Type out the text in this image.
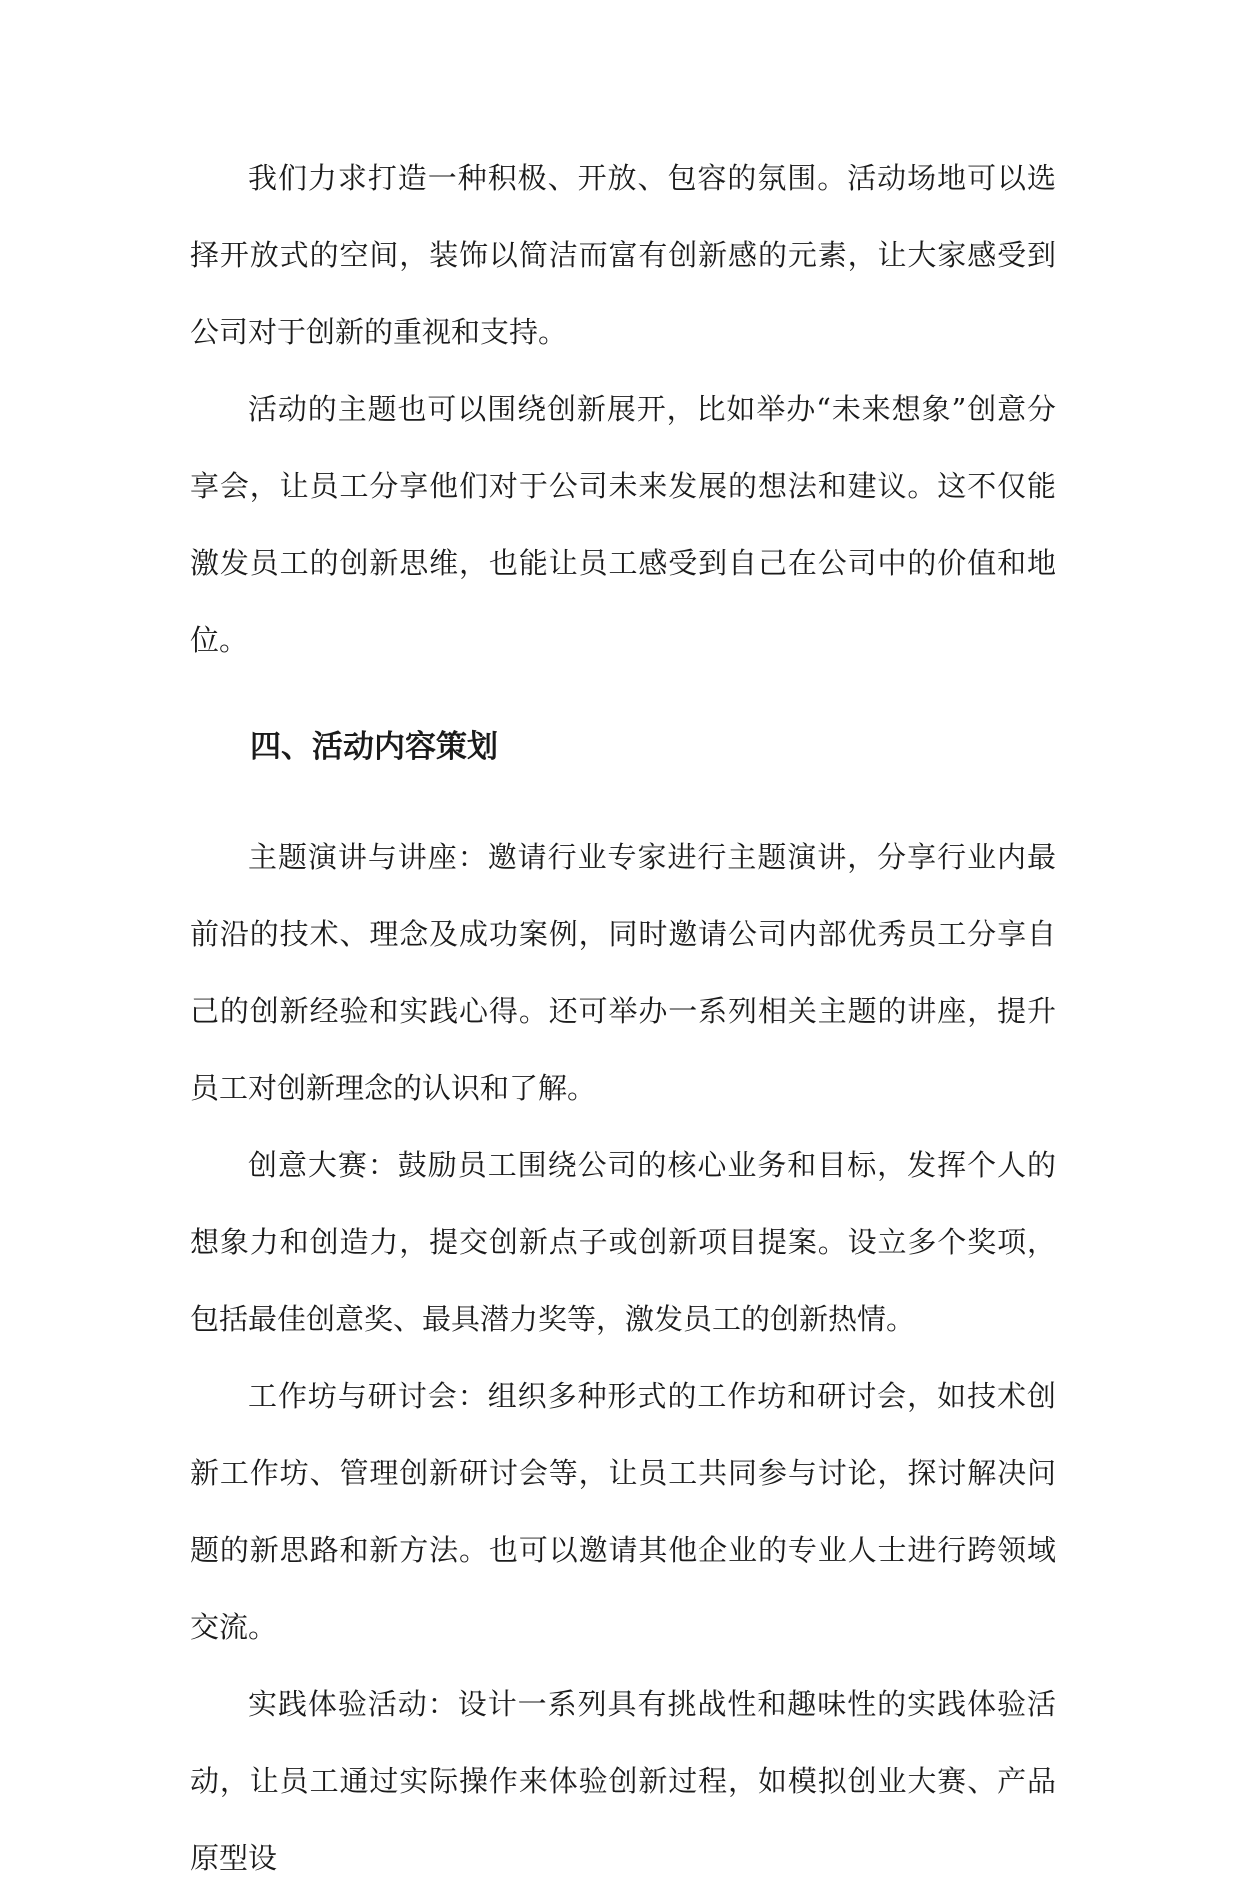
我们力求打造一种积极、开放、包容的氛围。活动场地可以选择开放式的空间，装饰以简洁而富有创新感的元素，让大家感受到公司对于创新的重视和支持。

活动的主题也可以围绕创新展开，比如举办“未来想象”创意分享会，让员工分享他们对于公司未来发展的想法和建议。这不仅能激发员工的创新思维，也能让员工感受到自己在公司中的价值和地位。

四、活动内容策划

主题演讲与讲座：邀请行业专家进行主题演讲，分享行业内最前沿的技术、理念及成功案例，同时邀请公司内部优秀员工分享自己的创新经验和实践心得。还可举办一系列相关主题的讲座，提升员工对创新理念的认识和了解。

创意大赛：鼓励员工围绕公司的核心业务和目标，发挥个人的想象力和创造力，提交创新点子或创新项目提案。设立多个奖项，包括最佳创意奖、最具潜力奖等，激发员工的创新热情。

工作坊与研讨会：组织多种形式的工作坊和研讨会，如技术创新工作坊、管理创新研讨会等，让员工共同参与讨论，探讨解决问题的新思路和新方法。也可以邀请其他企业的专业人士进行跨领域交流。

实践体验活动：设计一系列具有挑战性和趣味性的实践体验活动，让员工通过实际操作来体验创新过程，如模拟创业大赛、产品原型设
